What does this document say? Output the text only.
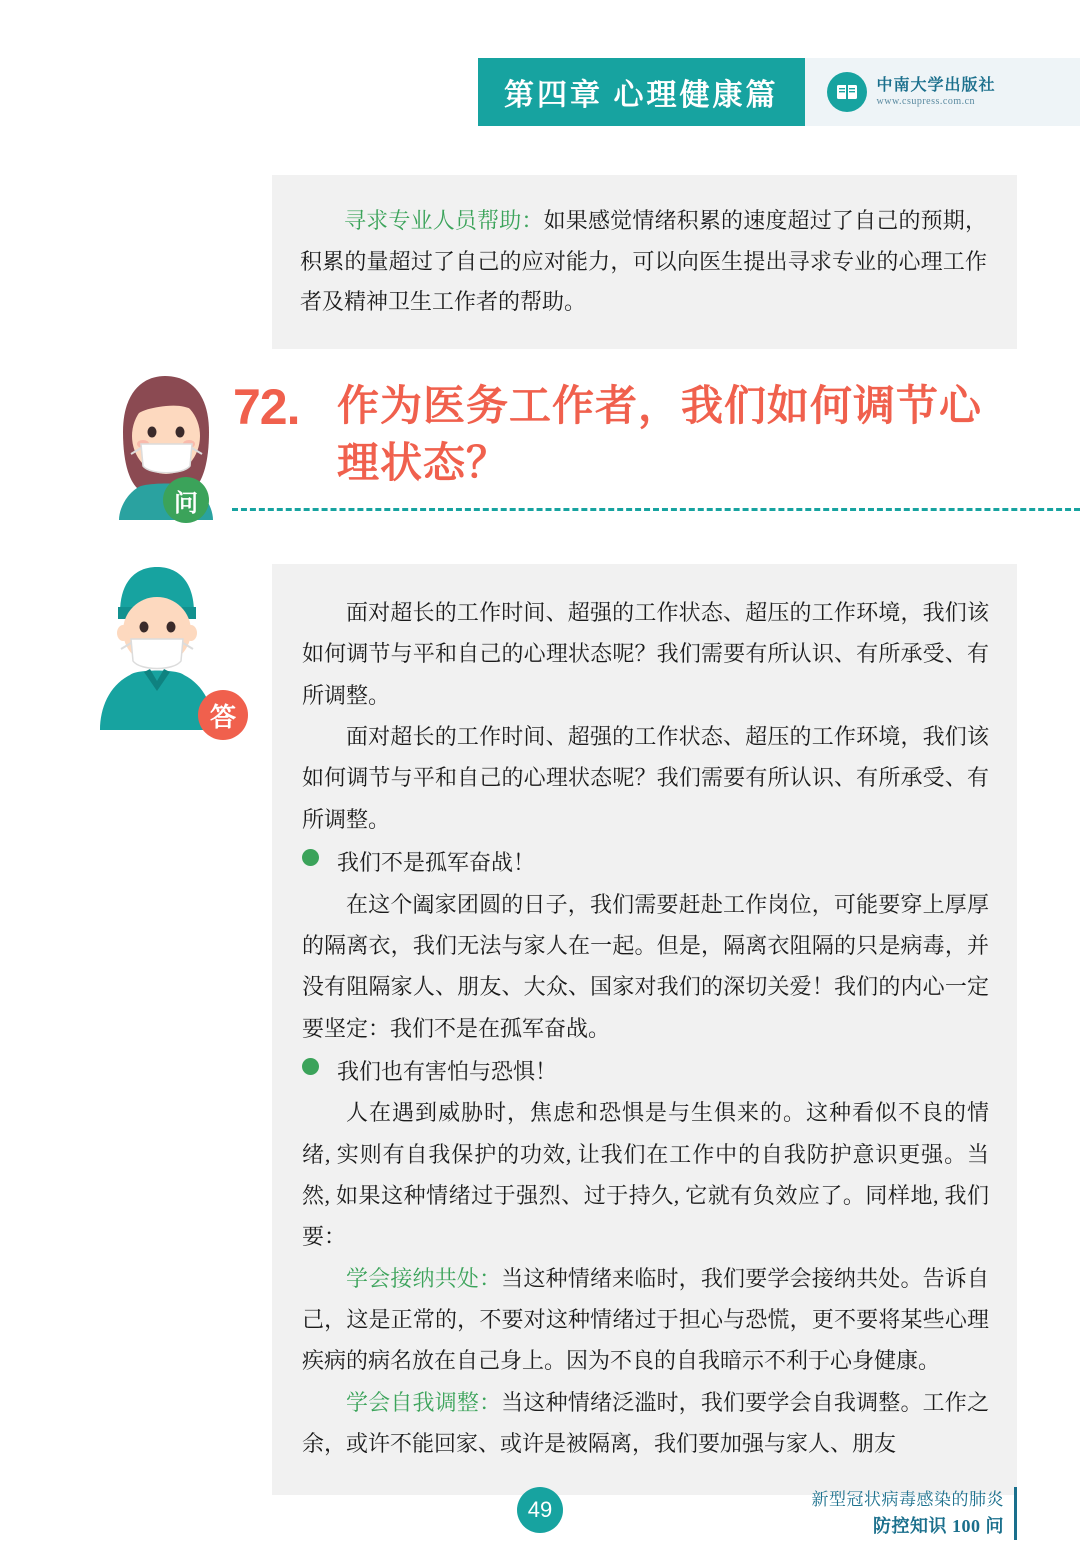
第四章 心理健康篇	中南大学出版社
www.csupress.com.cn
寻求专业人员帮助：如果感觉情绪积累的速度超过了自己的预期，积累的量超过了自己的应对能力，可以向医生提出寻求专业的心理工作者及精神卫生工作者的帮助。
问
72. 作为医务工作者，我们如何调节心理状态？
答

面对超长的工作时间、超强的工作状态、超压的工作环境，我们该如何调节与平和自己的心理状态呢？我们需要有所认识、有所承受、有所调整。

面对超长的工作时间、超强的工作状态、超压的工作环境，我们该如何调节与平和自己的心理状态呢？我们需要有所认识、有所承受、有所调整。

我们不是孤军奋战！

在这个阖家团圆的日子，我们需要赶赴工作岗位，可能要穿上厚厚的隔离衣，我们无法与家人在一起。但是，隔离衣阻隔的只是病毒，并没有阻隔家人、朋友、大众、国家对我们的深切关爱！我们的内心一定要坚定：我们不是在孤军奋战。

我们也有害怕与恐惧！

人在遇到威胁时，焦虑和恐惧是与生俱来的。这种看似不良的情绪, 实则有自我保护的功效, 让我们在工作中的自我防护意识更强。当然, 如果这种情绪过于强烈、过于持久, 它就有负效应了。同样地, 我们要：

学会接纳共处：当这种情绪来临时，我们要学会接纳共处。告诉自己，这是正常的，不要对这种情绪过于担心与恐慌，更不要将某些心理疾病的病名放在自己身上。因为不良的自我暗示不利于心身健康。

学会自我调整：当这种情绪泛滥时，我们要学会自我调整。工作之余，或许不能回家、或许是被隔离，我们要加强与家人、朋友

49	新型冠状病毒感染的肺炎
防控知识 100 问
